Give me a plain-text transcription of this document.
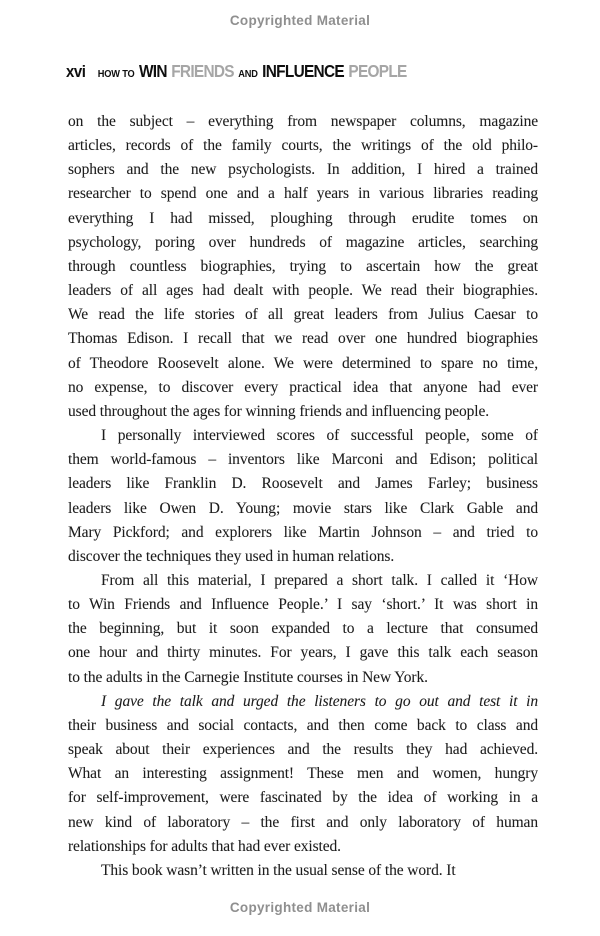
Copyrighted Material
xvi HOW TO WIN FRIENDS AND INFLUENCE PEOPLE
on the subject – everything from newspaper columns, magazine
articles, records of the family courts, the writings of the old philo-
sophers and the new psychologists. In addition, I hired a trained
researcher to spend one and a half years in various libraries reading
everything I had missed, ploughing through erudite tomes on
psychology, poring over hundreds of magazine articles, searching
through countless biographies, trying to ascertain how the great
leaders of all ages had dealt with people. We read their biographies.
We read the life stories of all great leaders from Julius Caesar to
Thomas Edison. I recall that we read over one hundred biographies
of Theodore Roosevelt alone. We were determined to spare no time,
no expense, to discover every practical idea that anyone had ever
used throughout the ages for winning friends and influencing people.
I personally interviewed scores of successful people, some of
them world-famous – inventors like Marconi and Edison; political
leaders like Franklin D. Roosevelt and James Farley; business
leaders like Owen D. Young; movie stars like Clark Gable and
Mary Pickford; and explorers like Martin Johnson – and tried to
discover the techniques they used in human relations.
From all this material, I prepared a short talk. I called it ‘How
to Win Friends and Influence People.’ I say ‘short.’ It was short in
the beginning, but it soon expanded to a lecture that consumed
one hour and thirty minutes. For years, I gave this talk each season
to the adults in the Carnegie Institute courses in New York.
I gave the talk and urged the listeners to go out and test it in
their business and social contacts, and then come back to class and
speak about their experiences and the results they had achieved.
What an interesting assignment! These men and women, hungry
for self-improvement, were fascinated by the idea of working in a
new kind of laboratory – the first and only laboratory of human
relationships for adults that had ever existed.
This book wasn’t written in the usual sense of the word. It
Copyrighted Material
